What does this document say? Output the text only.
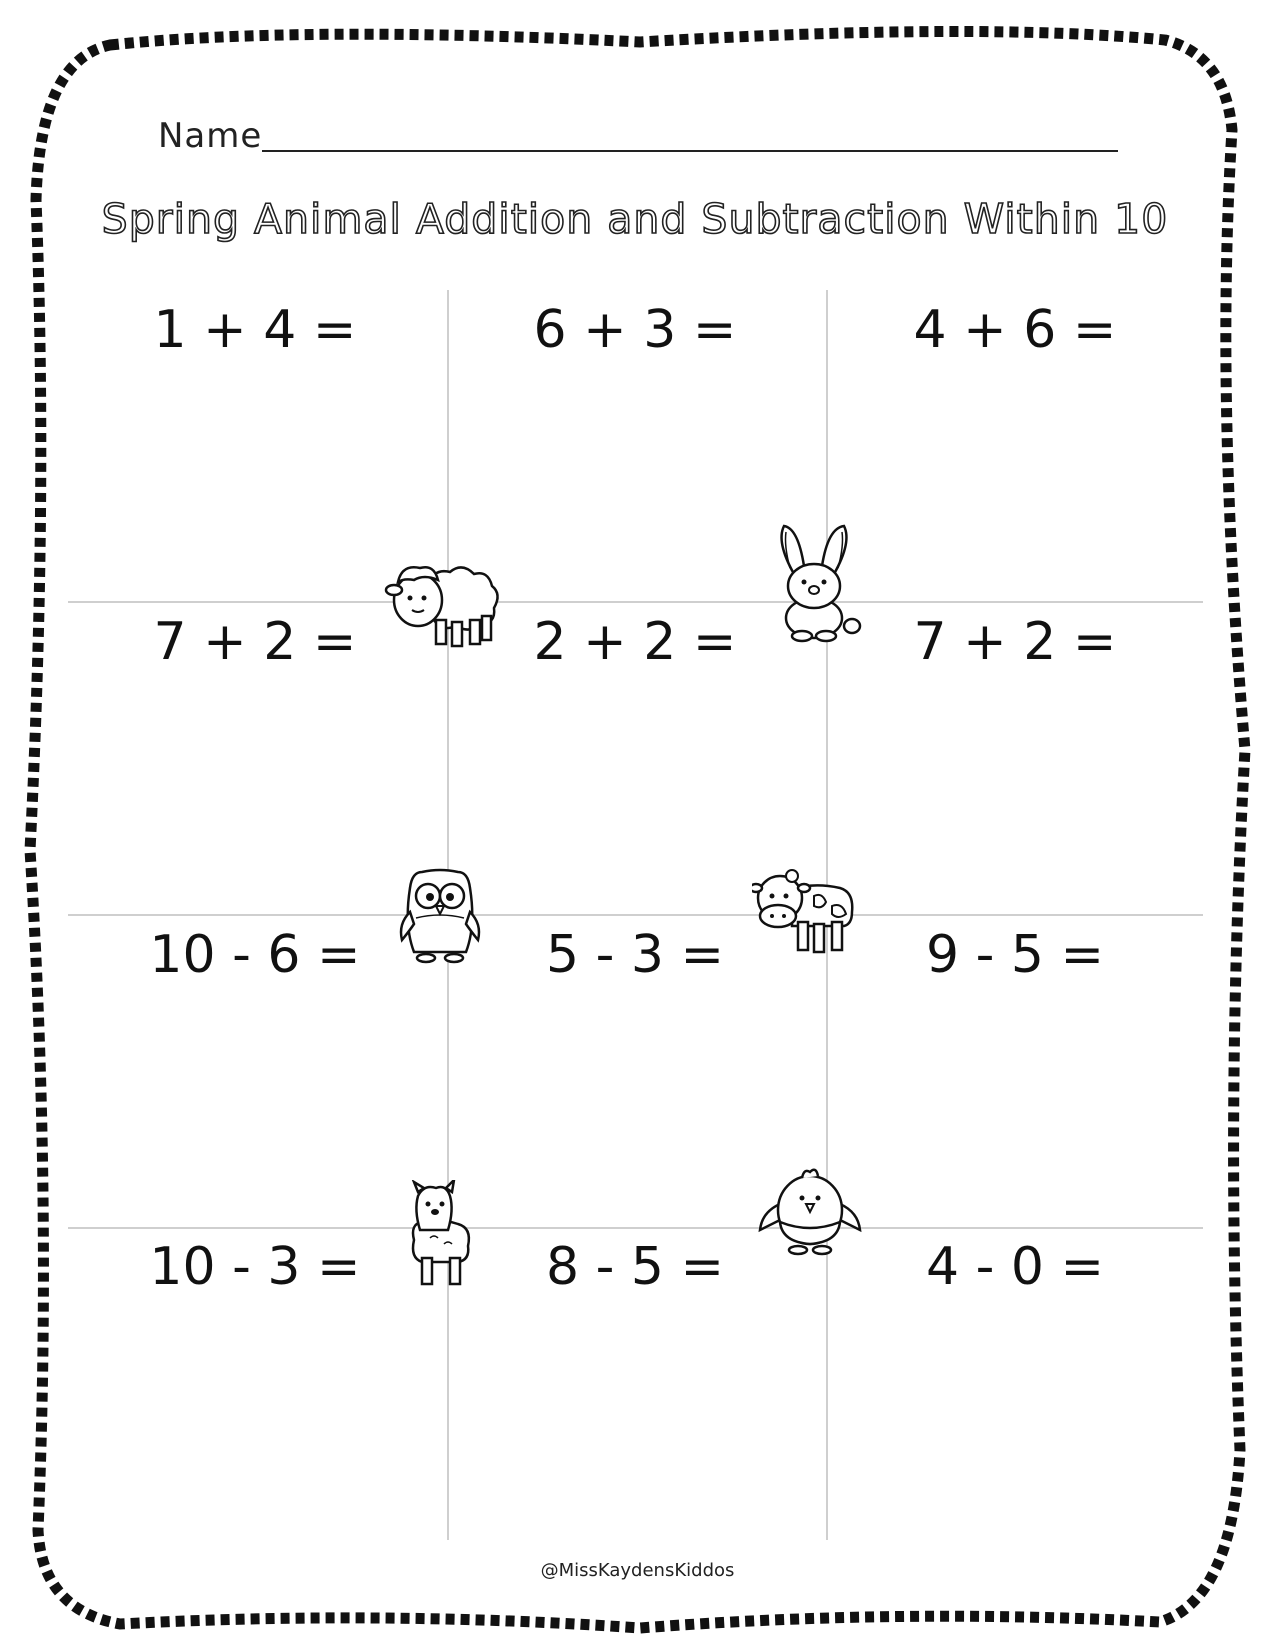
Name
Spring Animal Addition and Subtraction Within 10
1 + 4 =	6 + 3 =	4 + 6 =
7 + 2 =	2 + 2 =	7 + 2 =
10 - 6 =	5 - 3 =	9 - 5 =
10 - 3 =	8 - 5 =	4 - 0 =
@MissKaydensKiddos
